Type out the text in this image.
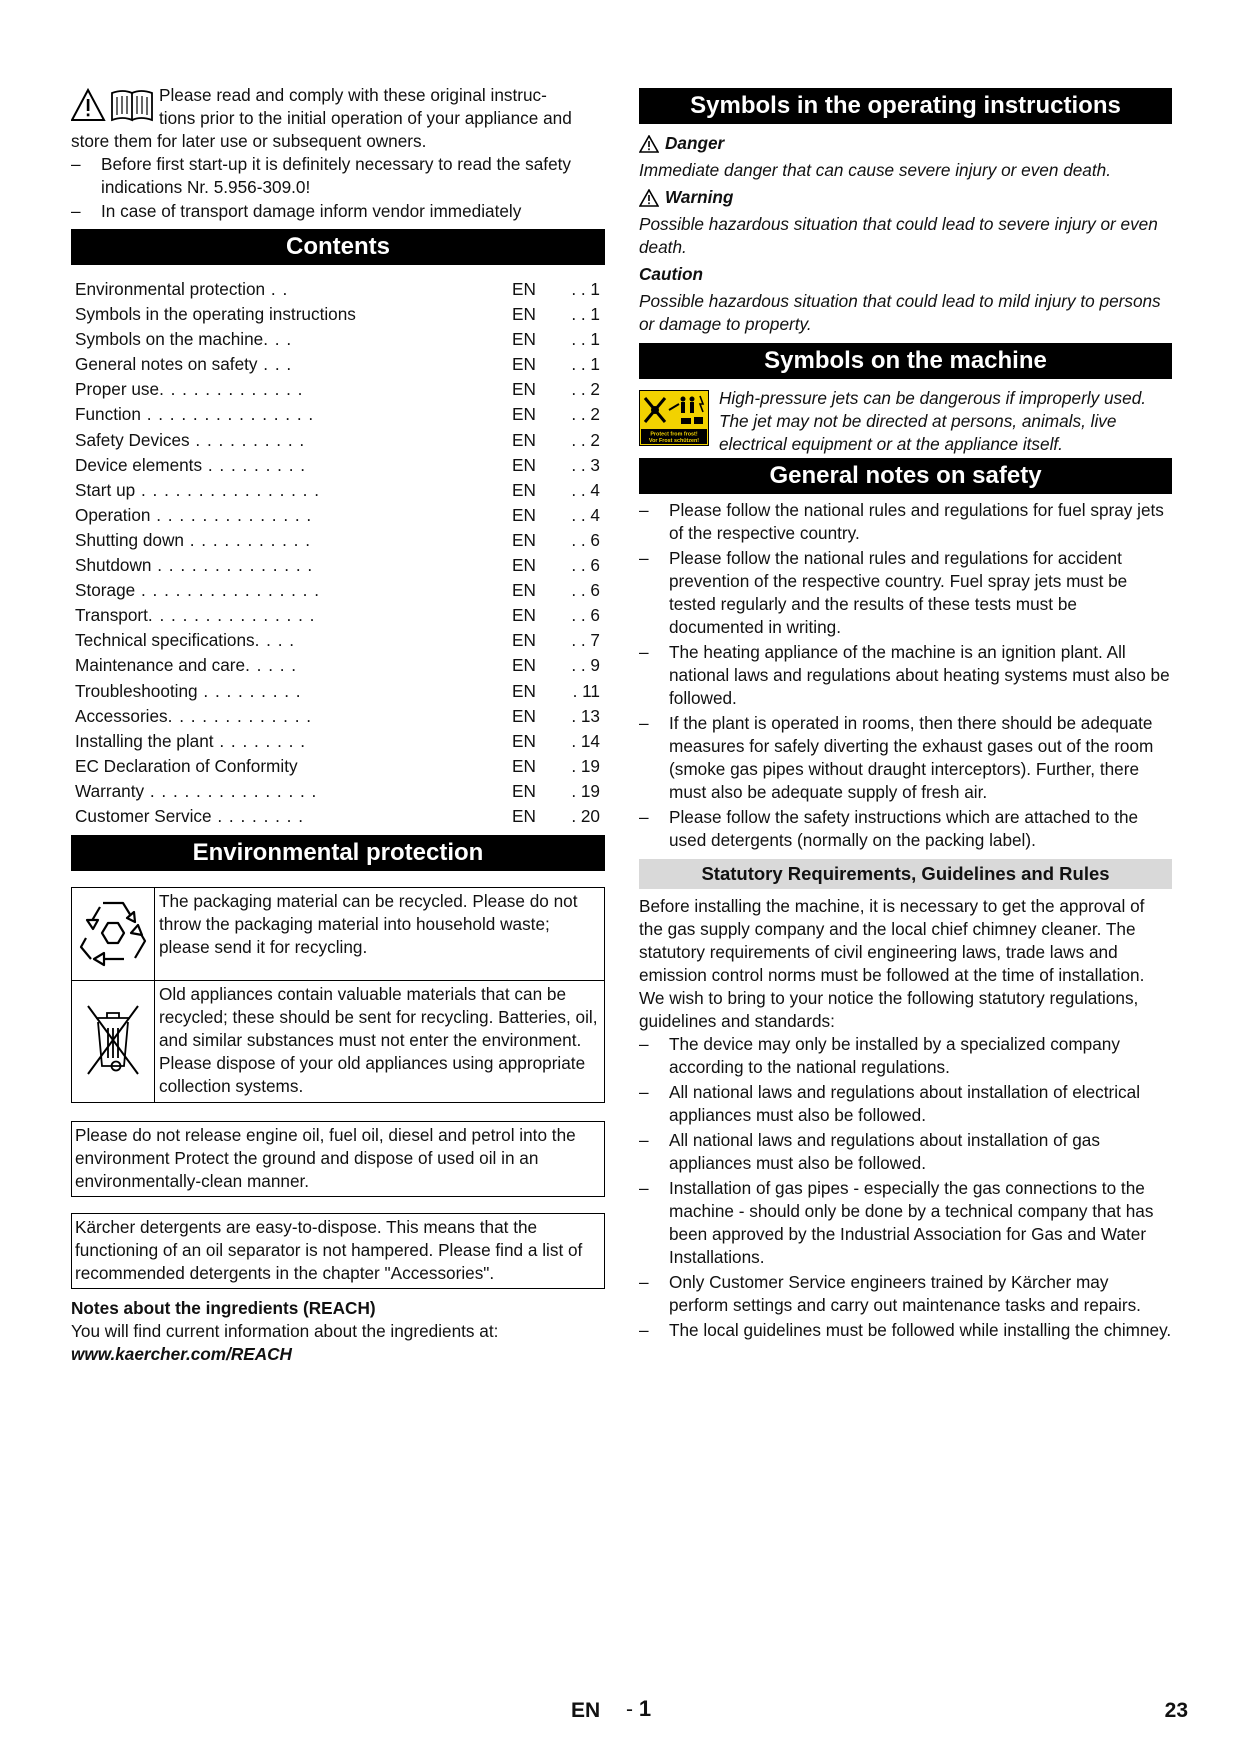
Please read and comply with these original instruc-

tions prior to the initial operation of your appliance and

store them for later use or subsequent owners.

– Before first start-up it is definitely necessary to read the safety indications Nr. 5.956-309.0!
– In case of transport damage inform vendor immediately
Contents
Environmental protection . .	EN	. . 1
Symbols in the operating instructions	EN	. . 1
Symbols on the machine. . .	EN	. . 1
General notes on safety . . .	EN	. . 1
Proper use. . . . . . . . . . . . .	EN	. . 2
Function . . . . . . . . . . . . . . .	EN	. . 2
Safety Devices . . . . . . . . . .	EN	. . 2
Device elements . . . . . . . . .	EN	. . 3
Start up . . . . . . . . . . . . . . . .	EN	. . 4
Operation . . . . . . . . . . . . . .	EN	. . 4
Shutting down . . . . . . . . . . .	EN	. . 6
Shutdown . . . . . . . . . . . . . .	EN	. . 6
Storage . . . . . . . . . . . . . . . .	EN	. . 6
Transport. . . . . . . . . . . . . . .	EN	. . 6
Technical specifications. . . .	EN	. . 7
Maintenance and care. . . . .	EN	. . 9
Troubleshooting . . . . . . . . .	EN	. 11
Accessories. . . . . . . . . . . . .	EN	. 13
Installing the plant . . . . . . . .	EN	. 14
EC Declaration of Conformity	EN	. 19
Warranty . . . . . . . . . . . . . . .	EN	. 19
Customer Service . . . . . . . .	EN	. 20
Environmental protection
	The packaging material can be recycled. Please do not throw the packaging material into household waste; please send it for recycling.
	Old appliances contain valuable materials that can be recycled; these should be sent for recycling. Batteries, oil, and similar substances must not enter the environment. Please dispose of your old appliances using appropriate collection systems.

Please do not release engine oil, fuel oil, diesel and petrol into the environment Protect the ground and dispose of used oil in an environmentally-clean manner.

Kärcher detergents are easy-to-dispose. This means that the functioning of an oil separator is not hampered. Please find a list of recommended detergents in the chapter "Accessories".

Notes about the ingredients (REACH)

You will find current information about the ingredients at:

www.kaercher.com/REACH

Symbols in the operating instructions

Danger

Immediate danger that can cause severe injury or even death.

Warning

Possible hazardous situation that could lead to severe injury or even death.

Caution

Possible hazardous situation that could lead to mild injury to persons or damage to property.

Symbols on the machine
Protect from frost!
Vor Frost schützen!

High-pressure jets can be dangerous if improperly used. The jet may not be directed at persons, animals, live electrical equipment or at the appliance itself.

General notes on safety
– Please follow the national rules and regulations for fuel spray jets of the respective country.
– Please follow the national rules and regulations for accident prevention of the respective country. Fuel spray jets must be tested regularly and the results of these tests must be documented in writing.
– The heating appliance of the machine is an ignition plant. All national laws and regulations about heating systems must also be followed.
– If the plant is operated in rooms, then there should be adequate measures for safely diverting the exhaust gases out of the room (smoke gas pipes without draught interceptors). Further, there must also be adequate supply of fresh air.
– Please follow the safety instructions which are attached to the used detergents (normally on the packing label).
Statutory Requirements, Guidelines and Rules

Before installing the machine, it is necessary to get the approval of the gas supply company and the local chief chimney cleaner. The statutory requirements of civil engineering laws, trade laws and emission control norms must be followed at the time of installation. We wish to bring to your notice the following statutory regulations, guidelines and standards:

– The device may only be installed by a specialized company according to the national regulations.
– All national laws and regulations about installation of electrical appliances must also be followed.
– All national laws and regulations about installation of gas appliances must also be followed.
– Installation of gas pipes - especially the gas connections to the machine - should only be done by a technical company that has been approved by the Industrial Association for Gas and Water Installations.
– Only Customer Service engineers trained by Kärcher may perform settings and carry out maintenance tasks and repairs.
– The local guidelines must be followed while installing the chimney.
EN - 1	23
